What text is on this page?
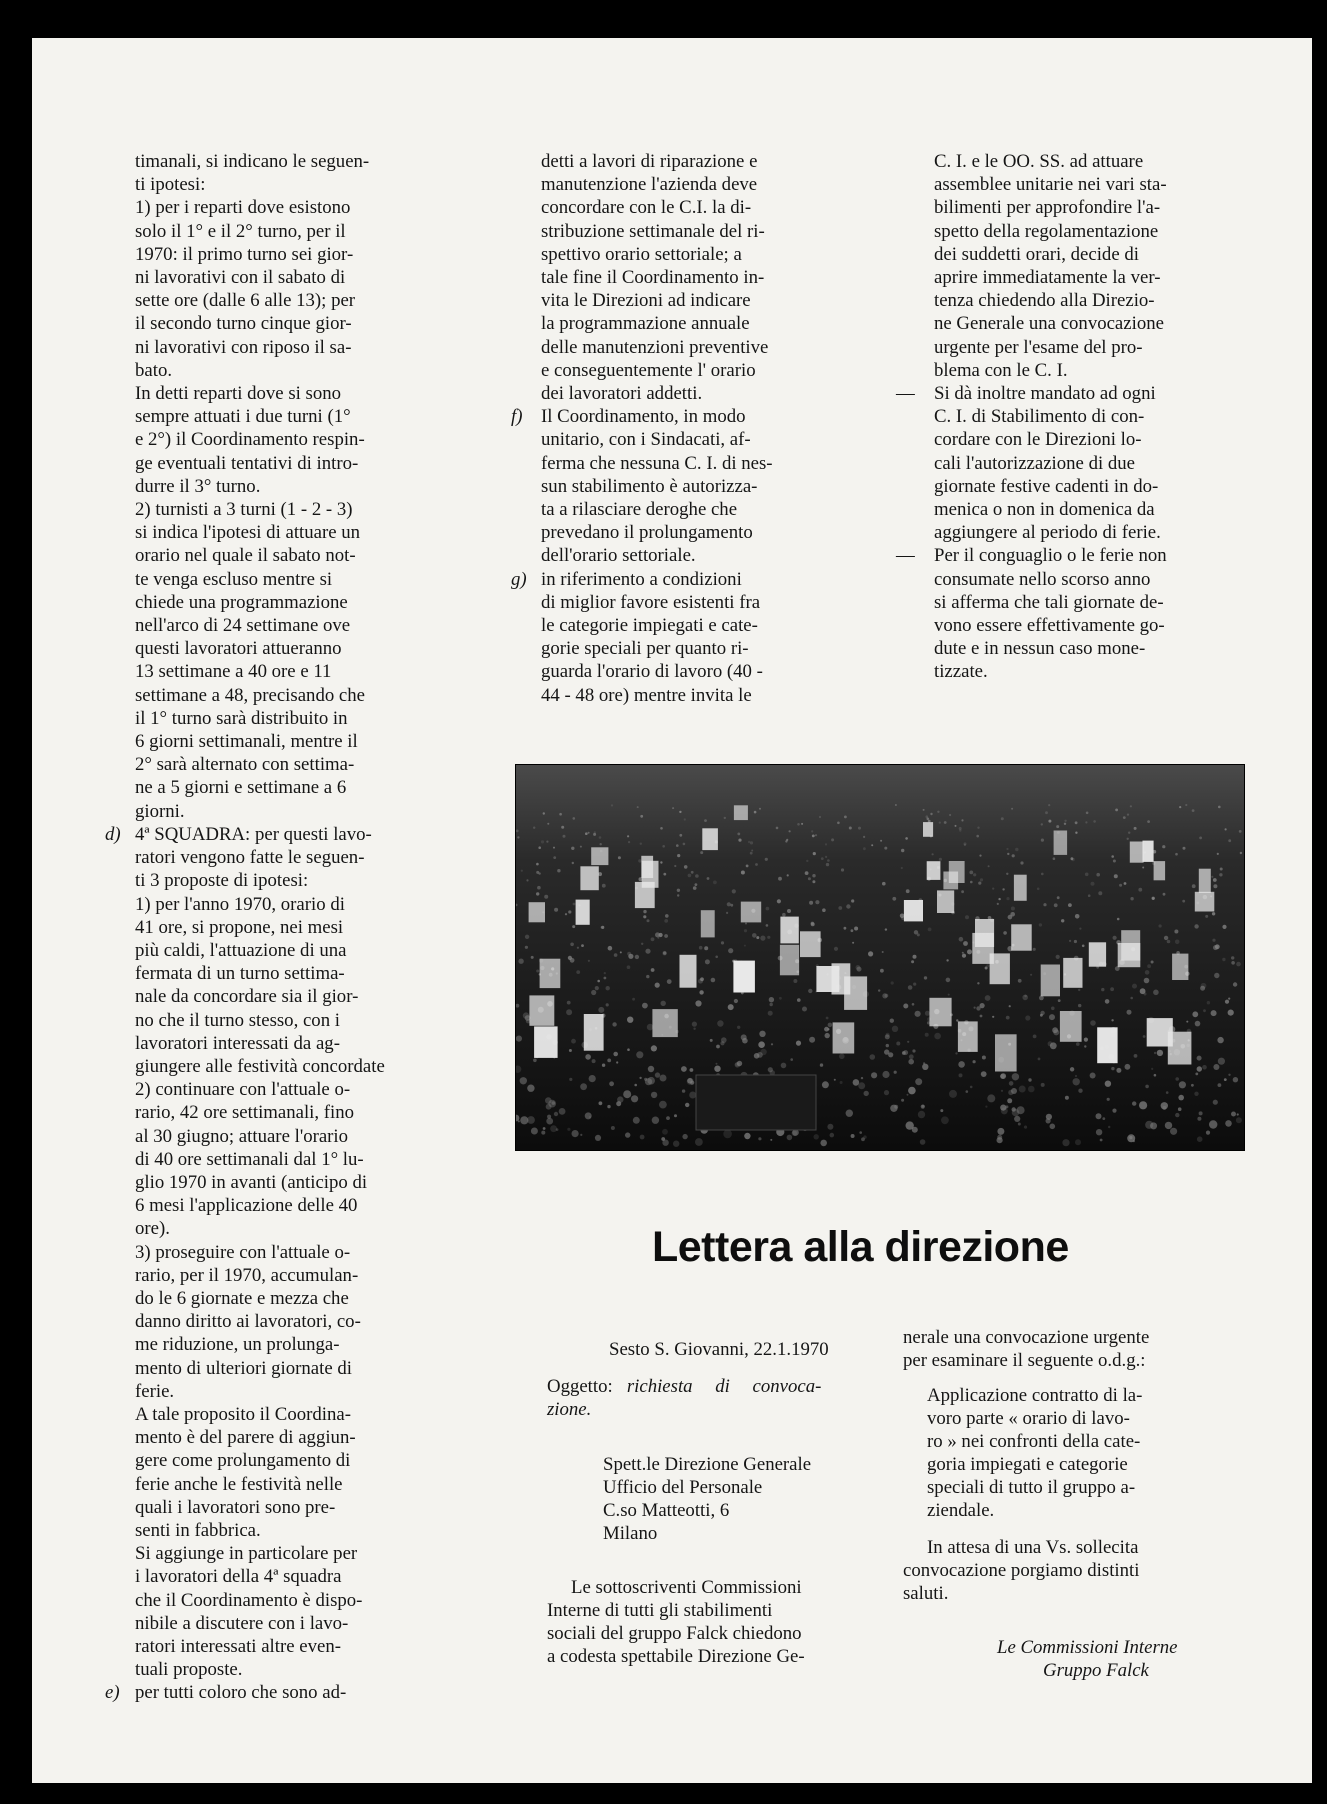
timanali, si indicano le seguen-

ti ipotesi:

1) per i reparti dove esistono

solo il 1° e il 2° turno, per il

1970: il primo turno sei gior-

ni lavorativi con il sabato di

sette ore (dalle 6 alle 13); per

il secondo turno cinque gior-

ni lavorativi con riposo il sa-

bato.

In detti reparti dove si sono

sempre attuati i due turni (1°

e 2°) il Coordinamento respin-

ge eventuali tentativi di intro-

durre il 3° turno.

2) turnisti a 3 turni (1 - 2 - 3)

si indica l'ipotesi di attuare un

orario nel quale il sabato not-

te venga escluso mentre si

chiede una programmazione

nell'arco di 24 settimane ove

questi lavoratori attueranno

13 settimane a 40 ore e 11

settimane a 48, precisando che

il 1° turno sarà distribuito in

6 giorni settimanali, mentre il

2° sarà alternato con settima-

ne a 5 giorni e settimane a 6

giorni.

d) 4ª SQUADRA: per questi lavo-

ratori vengono fatte le seguen-

ti 3 proposte di ipotesi:

1) per l'anno 1970, orario di

41 ore, si propone, nei mesi

più caldi, l'attuazione di una

fermata di un turno settima-

nale da concordare sia il gior-

no che il turno stesso, con i

lavoratori interessati da ag-

giungere alle festività concordate

2) continuare con l'attuale o-

rario, 42 ore settimanali, fino

al 30 giugno; attuare l'orario

di 40 ore settimanali dal 1° lu-

glio 1970 in avanti (anticipo di

6 mesi l'applicazione delle 40

ore).

3) proseguire con l'attuale o-

rario, per il 1970, accumulan-

do le 6 giornate e mezza che

danno diritto ai lavoratori, co-

me riduzione, un prolunga-

mento di ulteriori giornate di

ferie.

A tale proposito il Coordina-

mento è del parere di aggiun-

gere come prolungamento di

ferie anche le festività nelle

quali i lavoratori sono pre-

senti in fabbrica.

Si aggiunge in particolare per

i lavoratori della 4ª squadra

che il Coordinamento è dispo-

nibile a discutere con i lavo-

ratori interessati altre even-

tuali proposte.

e) per tutti coloro che sono ad-

detti a lavori di riparazione e

manutenzione l'azienda deve

concordare con le C.I. la di-

stribuzione settimanale del ri-

spettivo orario settoriale; a

tale fine il Coordinamento in-

vita le Direzioni ad indicare

la programmazione annuale

delle manutenzioni preventive

e conseguentemente l' orario

dei lavoratori addetti.

f) Il Coordinamento, in modo

unitario, con i Sindacati, af-

ferma che nessuna C. I. di nes-

sun stabilimento è autorizza-

ta a rilasciare deroghe che

prevedano il prolungamento

dell'orario settoriale.

g) in riferimento a condizioni

di miglior favore esistenti fra

le categorie impiegati e cate-

gorie speciali per quanto ri-

guarda l'orario di lavoro (40 -

44 - 48 ore) mentre invita le

C. I. e le OO. SS. ad attuare

assemblee unitarie nei vari sta-

bilimenti per approfondire l'a-

spetto della regolamentazione

dei suddetti orari, decide di

aprire immediatamente la ver-

tenza chiedendo alla Direzio-

ne Generale una convocazione

urgente per l'esame del pro-

blema con le C. I.

— Si dà inoltre mandato ad ogni

C. I. di Stabilimento di con-

cordare con le Direzioni lo-

cali l'autorizzazione di due

giornate festive cadenti in do-

menica o non in domenica da

aggiungere al periodo di ferie.

— Per il conguaglio o le ferie non

consumate nello scorso anno

si afferma che tali giornate de-

vono essere effettivamente go-

dute e in nessun caso mone-

tizzate.

Lettera alla direzione

Sesto S. Giovanni, 22.1.1970

Oggetto: richiesta di convoca-

zione.

Spett.le Direzione Generale

Ufficio del Personale

C.so Matteotti, 6

Milano

Le sottoscriventi Commissioni

Interne di tutti gli stabilimenti

sociali del gruppo Falck chiedono

a codesta spettabile Direzione Ge-

nerale una convocazione urgente

per esaminare il seguente o.d.g.:

Applicazione contratto di la-

voro parte « orario di lavo-

ro » nei confronti della cate-

goria impiegati e categorie

speciali di tutto il gruppo a-

ziendale.

In attesa di una Vs. sollecita

convocazione porgiamo distinti

saluti.

Le Commissioni Interne

Gruppo Falck
